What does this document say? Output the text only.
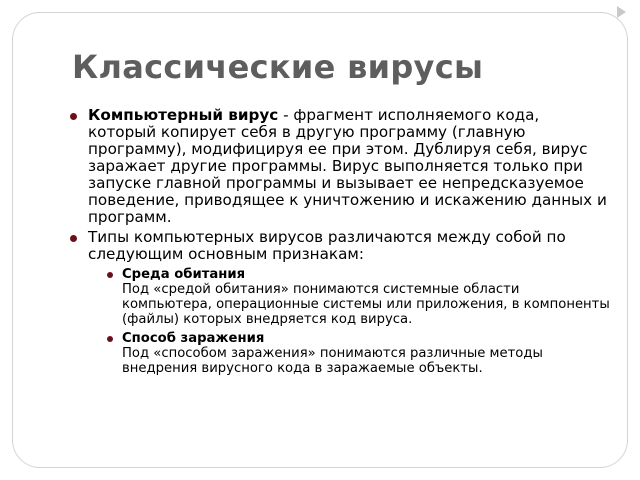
Классические вирусы
Компьютерный вирус - фрагмент исполняемого кода, который копирует себя в другую программу (главную программу), модифицируя ее при этом. Дублируя себя, вирус заражает другие программы. Вирус выполняется только при запуске главной программы и вызывает ее непредсказуемое поведение, приводящее к уничтожению и искажению данных и программ.
Типы компьютерных вирусов различаются между собой по следующим основным признакам:
Среда обитания
Под «средой обитания» понимаются системные области компьютера, операционные системы или приложения, в компоненты (файлы) которых внедряется код вируса.
Способ заражения
Под «способом заражения» понимаются различные методы внедрения вирусного кода в заражаемые объекты.
